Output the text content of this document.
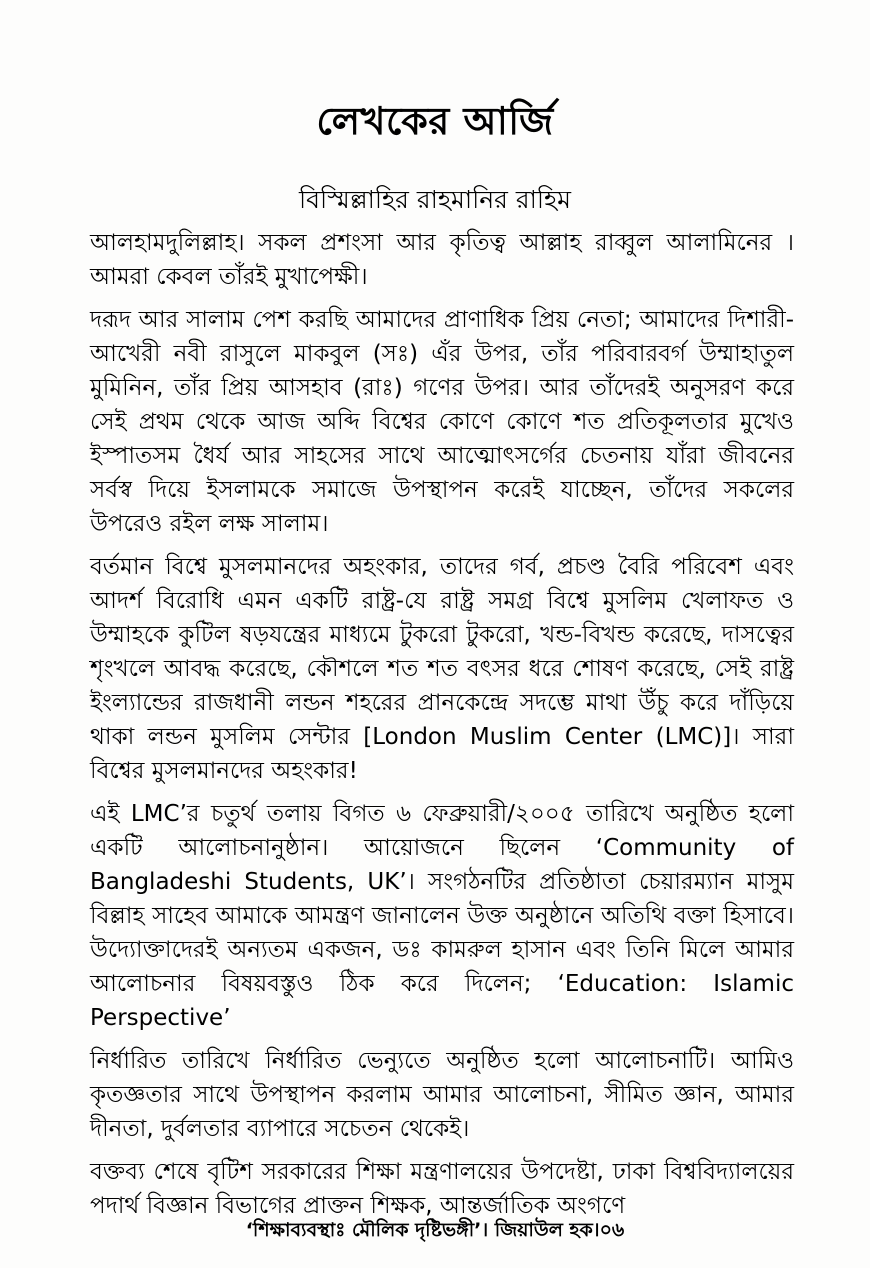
লেখকের আর্জি
বিস্মিল্লাহির রাহমানির রাহিম

আলহামদুলিল্লাহ। সকল প্রশংসা আর কৃতিত্ব আল্লাহ রাব্বুল আলামিনের । আমরা কেবল তাঁরই মুখাপেক্ষী।

দরূদ আর সালাম পেশ করছি আমাদের প্রাণাধিক প্রিয় নেতা; আমাদের দিশারী- আখেরী নবী রাসুলে মাকবুল (সঃ) এঁর উপর, তাঁর পরিবারবর্গ উম্মাহাতুল মুমিনিন, তাঁর প্রিয় আসহাব (রাঃ) গণের উপর। আর তাঁদেরই অনুসরণ করে সেই প্রথম থেকে আজ অব্দি বিশ্বের কোণে কোণে শত প্রতিকূলতার মুখেও ইস্পাতসম ধৈর্য আর সাহসের সাথে আত্মোৎসর্গের চেতনায় যাঁরা জীবনের সর্বস্ব দিয়ে ইসলামকে সমাজে উপস্থাপন করেই যাচ্ছেন, তাঁদের সকলের উপরেও রইল লক্ষ সালাম।

বর্তমান বিশ্বে মুসলমানদের অহংকার, তাদের গর্ব, প্রচণ্ড বৈরি পরিবেশ এবং আদর্শ বিরোধি এমন একটি রাষ্ট্র-যে রাষ্ট্র সমগ্র বিশ্বে মুসলিম খেলাফত ও উম্মাহকে কুটিল ষড়যন্ত্রের মাধ্যমে টুকরো টুকরো, খন্ড-বিখন্ড করেছে, দাসত্বের শৃংখলে আবদ্ধ করেছে, কৌশলে শত শত বৎসর ধরে শোষণ করেছে, সেই রাষ্ট্র ইংল্যান্ডের রাজধানী লন্ডন শহরের প্রানকেন্দ্রে সদম্ভে মাথা উঁচু করে দাঁড়িয়ে থাকা লন্ডন মুসলিম সেন্টার [London Muslim Center (LMC)]। সারা বিশ্বের মুসলমানদের অহংকার!

এই LMC’র চতুর্থ তলায় বিগত ৬ ফেব্রুয়ারী/২০০৫ তারিখে অনুষ্ঠিত হলো একটি আলোচনানুষ্ঠান। আয়োজনে ছিলেন ‘Community of Bangladeshi Students, UK’। সংগঠনটির প্রতিষ্ঠাতা চেয়ারম্যান মাসুম বিল্লাহ সাহেব আমাকে আমন্ত্রণ জানালেন উক্ত অনুষ্ঠানে অতিথি বক্তা হিসাবে। উদ্যোক্তাদেরই অন্যতম একজন, ডঃ কামরুল হাসান এবং তিনি মিলে আমার আলোচনার বিষয়বস্তুও ঠিক করে দিলেন; ‘Education: Islamic Perspective’

নির্ধারিত তারিখে নির্ধারিত ভেন্যুতে অনুষ্ঠিত হলো আলোচনাটি। আমিও কৃতজ্ঞতার সাথে উপস্থাপন করলাম আমার আলোচনা, সীমিত জ্ঞান, আমার দীনতা, দুর্বলতার ব্যাপারে সচেতন থেকেই।

বক্তব্য শেষে বৃটিশ সরকারের শিক্ষা মন্ত্রণালয়ের উপদেষ্টা, ঢাকা বিশ্ববিদ্যালয়ের পদার্থ বিজ্ঞান বিভাগের প্রাক্তন শিক্ষক, আন্তর্জাতিক অংগণে

‘শিক্ষাব্যবস্থাঃ মৌলিক দৃষ্টিভঙ্গী’। জিয়াউল হক।০৬
